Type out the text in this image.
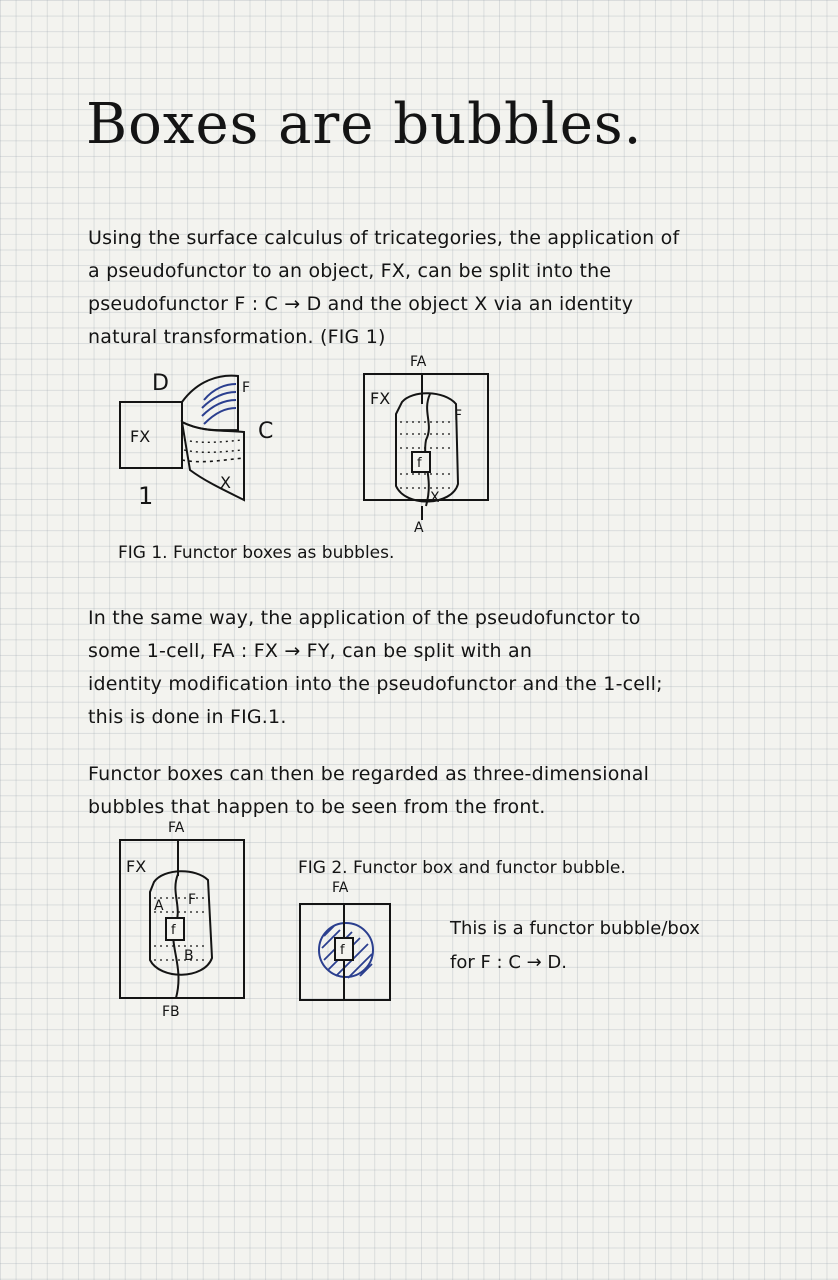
Boxes are bubbles.
Using the surface calculus of tricategories, the application of
a pseudofunctor to an object, FX, can be split into the
pseudofunctor F : C → D and the object X via an identity
natural transformation. (FIG 1)
D	F
C
FX
X
1
FA
f
FX
F
X
A
FIG 1. Functor boxes as bubbles.
In the same way, the application of the pseudofunctor to
some 1-cell, FA : FX → FY, can be split with an
identity modification into the pseudofunctor and the 1-cell;
this is done in FIG.1.
Functor boxes can then be regarded as three-dimensional
bubbles that happen to be seen from the front.
FA
f
FX
A F
B
FB
FIG 2. Functor box and functor bubble.
FA
f
This is a functor bubble/box
for F : C → D.
